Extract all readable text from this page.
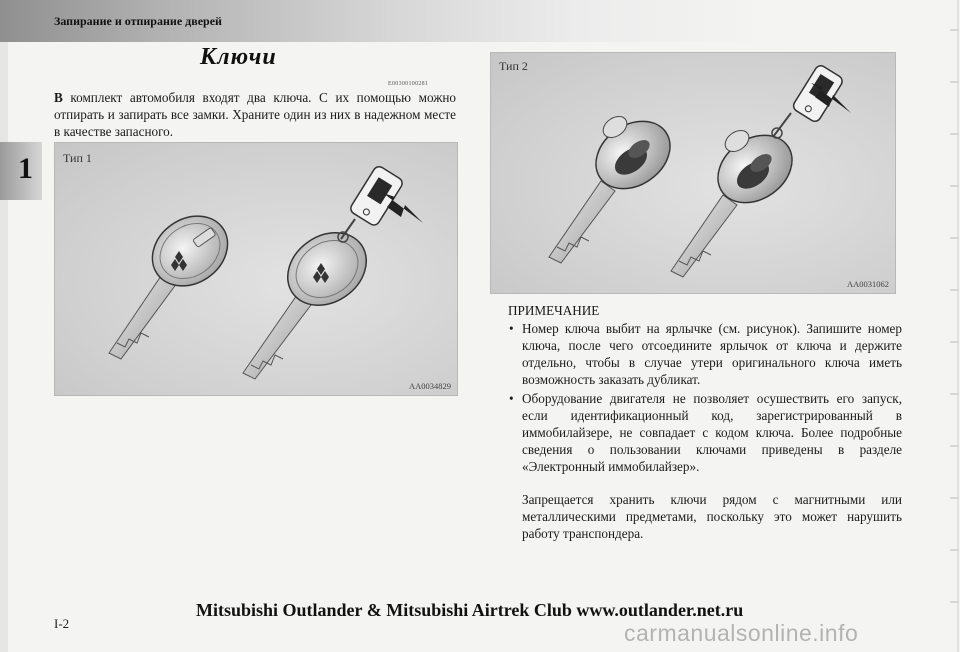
Запирание и отпирание дверей
1
Ключи
E00300100281
В комплект автомобиля входят два ключа. С их помощью можно отпирать и запирать все замки. Храните один из них в надежном месте в качестве запасного.
Тип 1
AA0034829
Тип 2
AA0031062
ПРИМЕЧАНИЕ
• Номер ключа выбит на ярлычке (см. рисунок). Запишите номер ключа, после чего отсоедините ярлычок от ключа и держите отдельно, чтобы в случае утери оригинального ключа иметь возможность заказать дубликат.
• Оборудование двигателя не позволяет осушествить его запуск, если идентификационный код, зарегистрированный в иммобилайзере, не совпадает с кодом ключа. Более подробные сведения о пользовании ключами приведены в разделе «Электронный иммобилайзер».
Запрещается хранить ключи рядом с магнитными или металлическими предметами, поскольку это может нарушить работу транспондера.
I-2
Mitsubishi Outlander & Mitsubishi Airtrek Club www.outlander.net.ru
carmanualsonline.info
